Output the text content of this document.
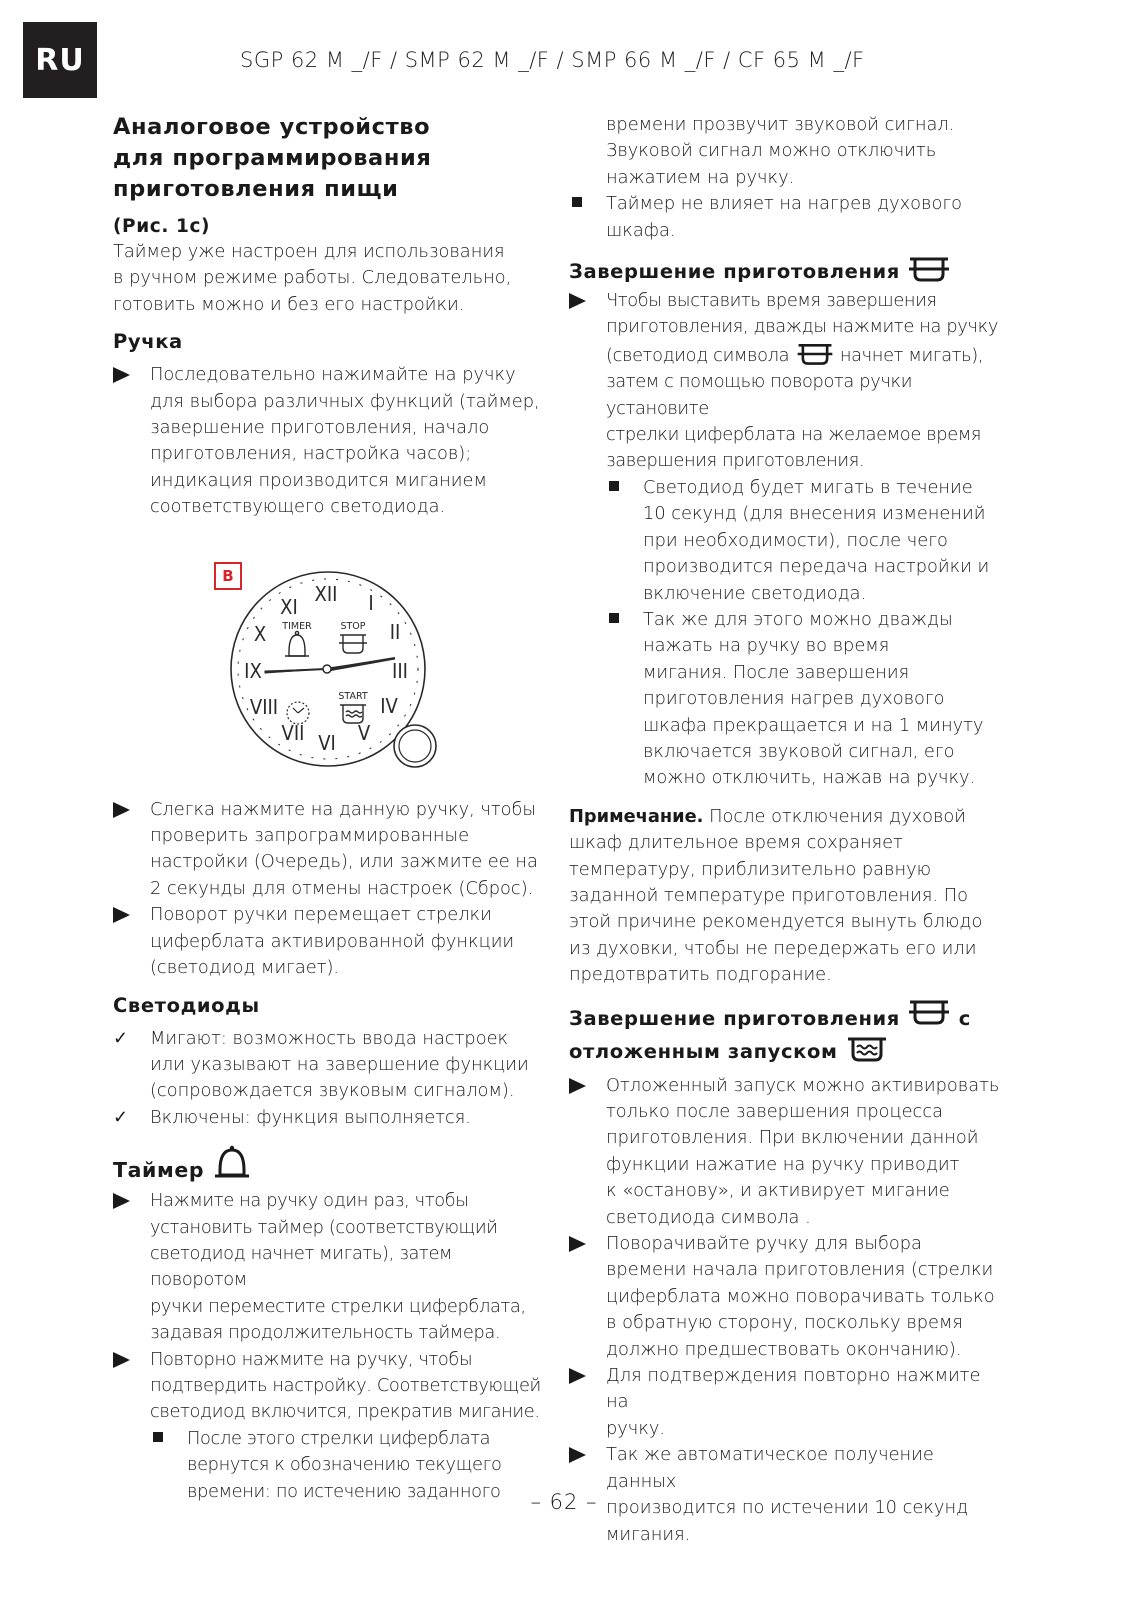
RU	SGP 62 M _/F / SMP 62 M _/F / SMP 66 M _/F / CF 65 M _/F
Аналоговое устройство
для программирования
приготовления пищи
(Рис. 1c)

Таймер уже настроен для использования
в ручном режиме работы. Следовательно,
готовить можно и без его настройки.

Ручка
Последовательно нажимайте на ручку
для выбора различных функций (таймер,
завершение приготовления, начало
приготовления, настройка часов);
индикация производится миганием
соответствующего светодиода.
B
XII I
II
III
IV
V
VI
VII
VIII
IX
X
XI
TIMER	STOP
START
Слегка нажмите на данную ручку, чтобы
проверить запрограммированные
настройки (Очередь), или зажмите ее на
2 секунды для отмены настроек (Сброс).
Поворот ручки перемещает стрелки
циферблата активированной функции
(светодиод мигает).
Светодиоды
✓ Мигают: возможность ввода настроек
или указывают на завершение функции
(сопровождается звуковым сигналом).
✓ Включены: функция выполняется.
Таймер
Нажмите на ручку один раз, чтобы
установить таймер (соответствующий
светодиод начнет мигать), затем поворотом
ручки переместите стрелки циферблата,
задавая продолжительность таймера.
Повторно нажмите на ручку, чтобы
подтвердить настройку. Соответствующей
светодиод включится, прекратив мигание.
После этого стрелки циферблата
вернутся к обозначению текущего
времени: по истечению заданного
времени прозвучит звуковой сигнал.
Звуковой сигнал можно отключить
нажатием на ручку.
Таймер не влияет на нагрев духового
шкафа.
Завершение приготовления
Чтобы выставить время завершения
приготовления, дважды нажмите на ручку
(светодиод символа	начнет мигать),
затем с помощью поворота ручки установите
стрелки циферблата на желаемое время
завершения приготовления.
Светодиод будет мигать в течение
10 секунд (для внесения изменений
при необходимости), после чего
производится передача настройки и
включение светодиода.
Так же для этого можно дважды
нажать на ручку во время
мигания. После завершения
приготовления нагрев духового
шкафа прекращается и на 1 минуту
включается звуковой сигнал, его
можно отключить, нажав на ручку.

Примечание. После отключения духовой
шкаф длительное время сохраняет
температуру, приблизительно равную
заданной температуре приготовления. По
этой причине рекомендуется вынуть блюдо
из духовки, чтобы не передержать его или
предотвратить подгорание.

Завершение приготовления	с
отложенным запуском
Отложенный запуск можно активировать
только после завершения процесса
приготовления. При включении данной
функции нажатие на ручку приводит
к «останову», и активирует мигание
светодиода символа .
Поворачивайте ручку для выбора
времени начала приготовления (стрелки
циферблата можно поворачивать только
в обратную сторону, поскольку время
должно предшествовать окончанию).
Для подтверждения повторно нажмите на
ручку.
Так же автоматическое получение данных
производится по истечении 10 секунд
мигания.
– 62 –
